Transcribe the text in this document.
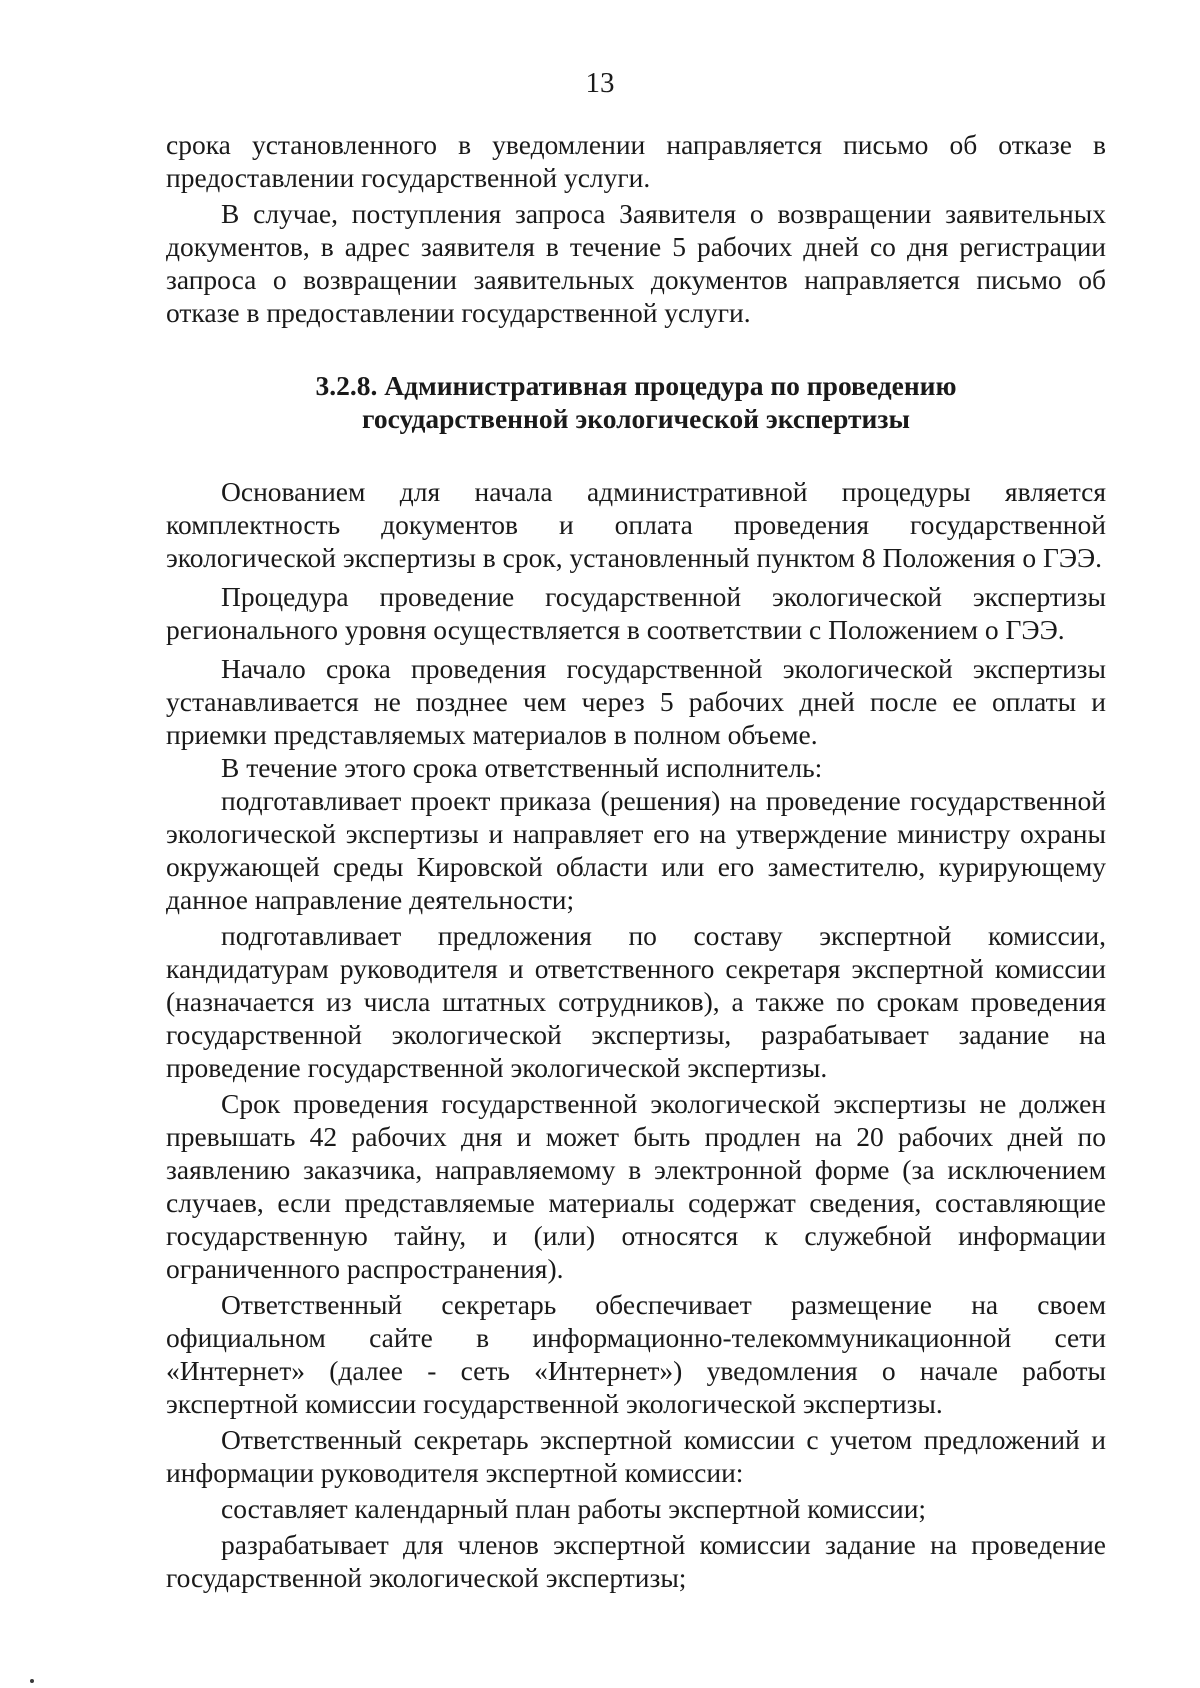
13

срока установленного в уведомлении направляется письмо об отказе в предоставлении государственной услуги.

В случае, поступления запроса Заявителя о возвращении заявительных документов, в адрес заявителя в течение 5 рабочих дней со дня регистрации запроса о возвращении заявительных документов направляется письмо об отказе в предоставлении государственной услуги.

3.2.8. Административная процедура по проведению
государственной экологической экспертизы

Основанием для начала административной процедуры является комплектность документов и оплата проведения государственной экологической экспертизы в срок, установленный пунктом 8 Положения о ГЭЭ.

Процедура проведение государственной экологической экспертизы регионального уровня осуществляется в соответствии с Положением о ГЭЭ.

Начало срока проведения государственной экологической экспертизы устанавливается не позднее чем через 5 рабочих дней после ее оплаты и приемки представляемых материалов в полном объеме.

В течение этого срока ответственный исполнитель:

подготавливает проект приказа (решения) на проведение государственной экологической экспертизы и направляет его на утверждение министру охраны окружающей среды Кировской области или его заместителю, курирующему данное направление деятельности;

подготавливает предложения по составу экспертной комиссии, кандидатурам руководителя и ответственного секретаря экспертной комиссии (назначается из числа штатных сотрудников), а также по срокам проведения государственной экологической экспертизы, разрабатывает задание на проведение государственной экологической экспертизы.

Срок проведения государственной экологической экспертизы не должен превышать 42 рабочих дня и может быть продлен на 20 рабочих дней по заявлению заказчика, направляемому в электронной форме (за исключением случаев, если представляемые материалы содержат сведения, составляющие государственную тайну, и (или) относятся к служебной информации ограниченного распространения).

Ответственный секретарь обеспечивает размещение на своем официальном сайте в информационно-телекоммуникационной сети «Интернет» (далее - сеть «Интернет») уведомления о начале работы экспертной комиссии государственной экологической экспертизы.

Ответственный секретарь экспертной комиссии с учетом предложений и информации руководителя экспертной комиссии:

составляет календарный план работы экспертной комиссии;

разрабатывает для членов экспертной комиссии задание на проведение государственной экологической экспертизы;
